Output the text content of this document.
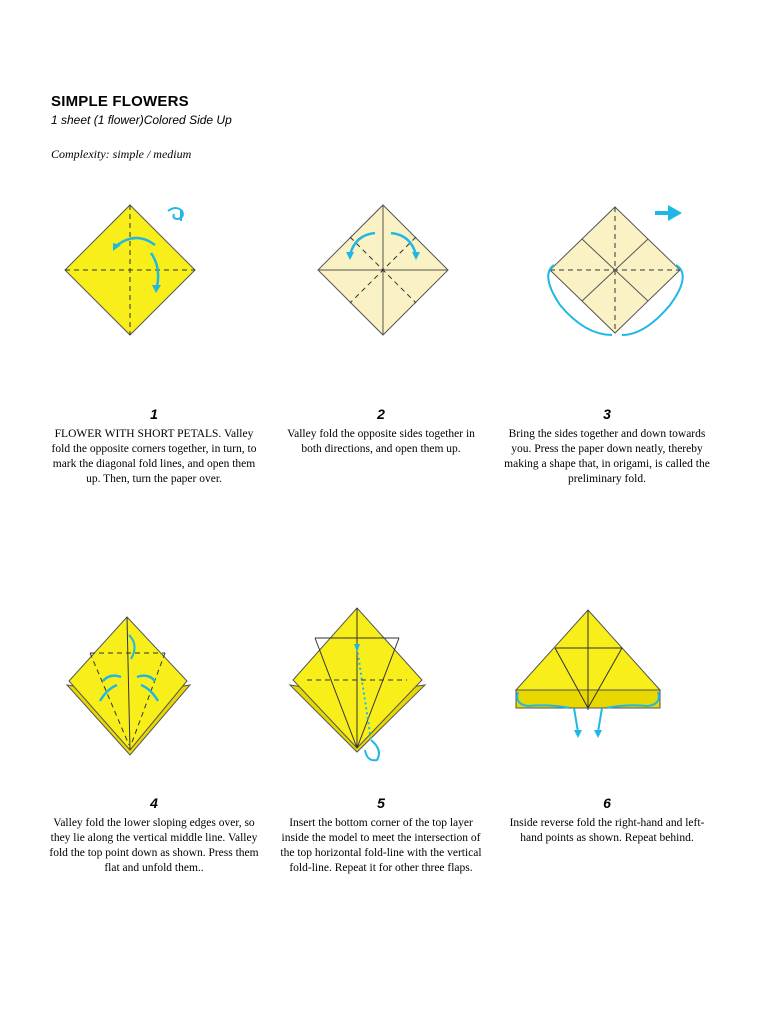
SIMPLE FLOWERS
1 sheet (1 flower)Colored Side Up
Complexity: simple / medium
1
FLOWER WITH SHORT PETALS. Valley fold the opposite corners together, in turn, to mark the diagonal fold lines, and open them up. Then, turn the paper over.
2
Valley fold the opposite sides together in both directions, and open them up.
3
Bring the sides together and down towards you. Press the paper down neatly, thereby making a shape that, in origami, is called the preliminary fold.
4
Valley fold the lower sloping edges over, so they lie along the vertical middle line. Valley fold the top point down as shown. Press them flat and unfold them..
5
Insert the bottom corner of the top layer inside the model to meet the intersection of the top horizontal fold-line with the vertical fold-line. Repeat it for other three flaps.
6
Inside reverse fold the right-hand and left-hand points as shown. Repeat behind.
